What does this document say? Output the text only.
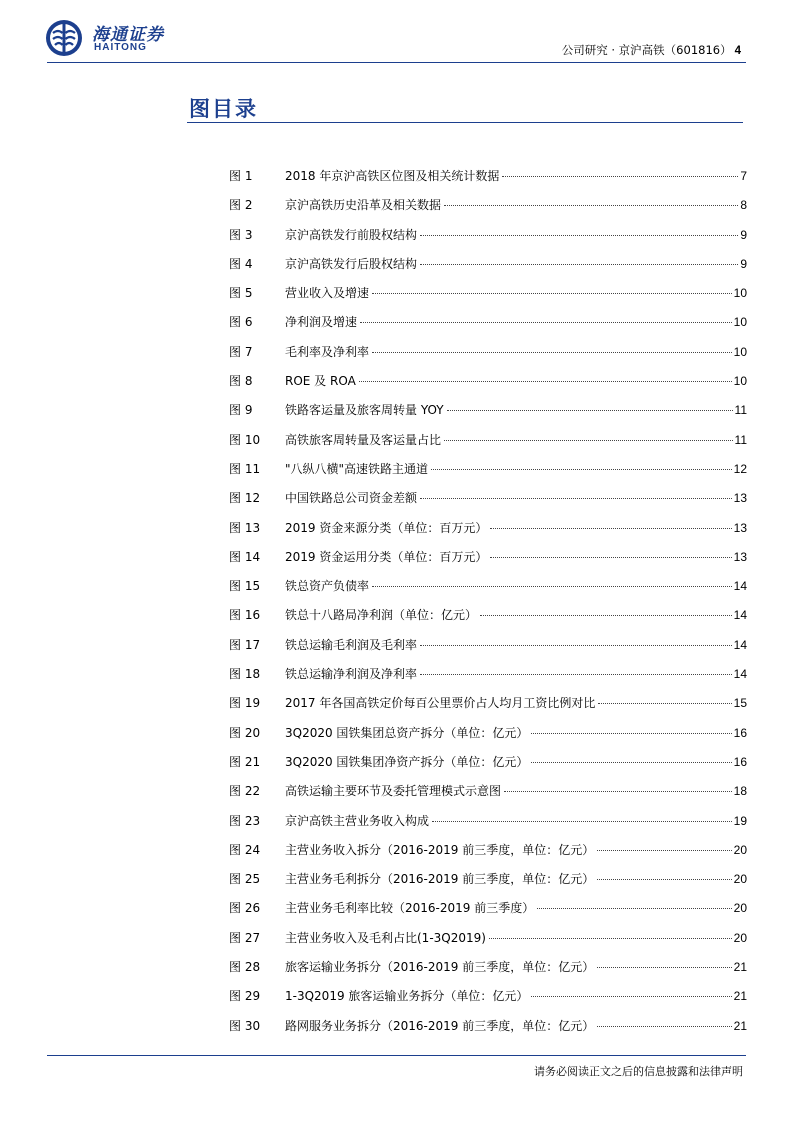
海通证券
HAITONG	公司研究 · 京沪高铁（601816） 4
图目录
图 1	2018 年京沪高铁区位图及相关统计数据	7
图 2	京沪高铁历史沿革及相关数据	8
图 3	京沪高铁发行前股权结构	9
图 4	京沪高铁发行后股权结构	9
图 5	营业收入及增速	10
图 6	净利润及增速	10
图 7	毛利率及净利率	10
图 8	ROE 及 ROA	10
图 9	铁路客运量及旅客周转量 YOY	11
图 10	高铁旅客周转量及客运量占比	11
图 11	"八纵八横"高速铁路主通道	12
图 12	中国铁路总公司资金差额	13
图 13	2019 资金来源分类（单位：百万元）	13
图 14	2019 资金运用分类（单位：百万元）	13
图 15	铁总资产负债率	14
图 16	铁总十八路局净利润（单位：亿元）	14
图 17	铁总运输毛利润及毛利率	14
图 18	铁总运输净利润及净利率	14
图 19	2017 年各国高铁定价每百公里票价占人均月工资比例对比	15
图 20	3Q2020 国铁集团总资产拆分（单位：亿元）	16
图 21	3Q2020 国铁集团净资产拆分（单位：亿元）	16
图 22	高铁运输主要环节及委托管理模式示意图	18
图 23	京沪高铁主营业务收入构成	19
图 24	主营业务收入拆分（2016-2019 前三季度，单位：亿元）	20
图 25	主营业务毛利拆分（2016-2019 前三季度，单位：亿元）	20
图 26	主营业务毛利率比较（2016-2019 前三季度）	20
图 27	主营业务收入及毛利占比(1-3Q2019)	20
图 28	旅客运输业务拆分（2016-2019 前三季度，单位：亿元）	21
图 29	1-3Q2019 旅客运输业务拆分（单位：亿元）	21
图 30	路网服务业务拆分（2016-2019 前三季度，单位：亿元）	21
请务必阅读正文之后的信息披露和法律声明
